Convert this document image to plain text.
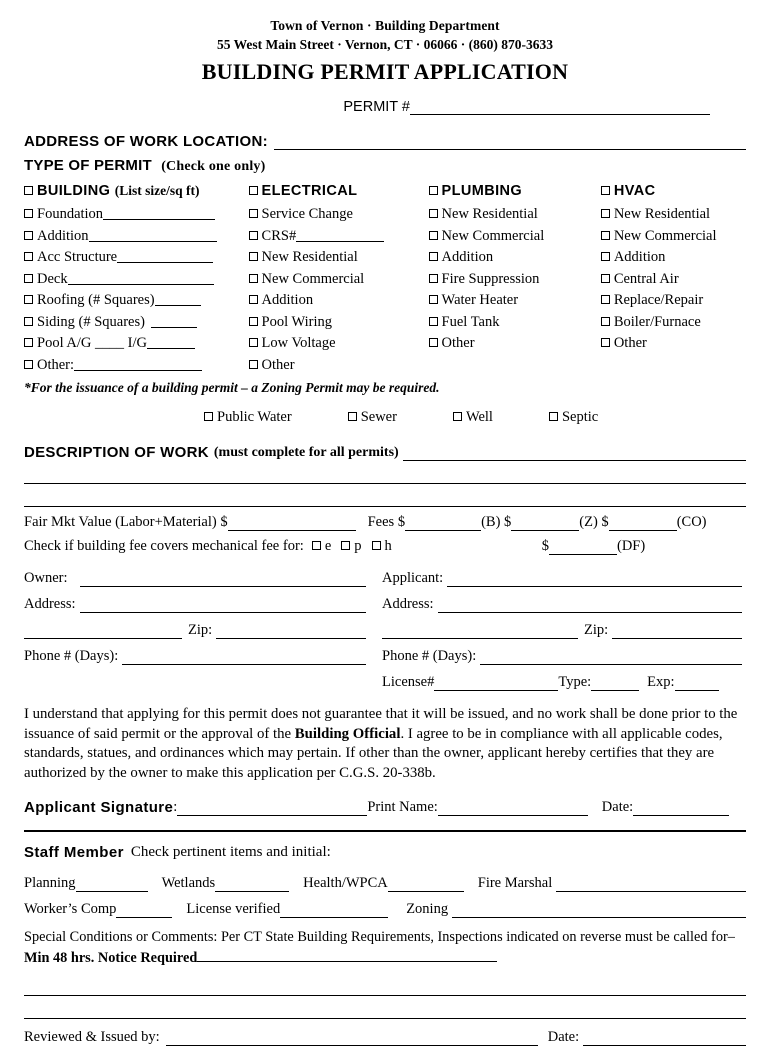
Town of Vernon · Building Department
55 West Main Street · Vernon, CT · 06066 · (860) 870-3633
BUILDING PERMIT APPLICATION
PERMIT #
ADDRESS OF WORK LOCATION:
TYPE OF PERMIT (Check one only)
BUILDING (List size/sq ft)
Foundation
Addition
Acc Structure
Deck
Roofing (# Squares)
Siding (# Squares)
Pool A/G ____ I/G
Other:
ELECTRICAL
Service Change
CRS#
New Residential
New Commercial
Addition
Pool Wiring
Low Voltage
Other
PLUMBING
New Residential
New Commercial
Addition
Fire Suppression
Water Heater
Fuel Tank
Other
HVAC
New Residential
New Commercial
Addition
Central Air
Replace/Repair
Boiler/Furnace
Other
*For the issuance of a building permit – a Zoning Permit may be required.
Public Water	Sewer	Well	Septic
DESCRIPTION OF WORK (must complete for all permits)
Fair Mkt Value (Labor+Material) $	Fees $	(B) $	(Z) $	(CO)
Check if building fee covers mechanical fee for:	e	p	h	$	(DF)
Owner:
Address:
Zip:
Phone # (Days):
Applicant:
Address:
Zip:
Phone # (Days):
License#	Type:	Exp:
I understand that applying for this permit does not guarantee that it will be issued, and no work shall be done prior to the issuance of said permit or the approval of the Building Official. I agree to be in compliance with all applicable codes, standards, statues, and ordinances which may pertain. If other than the owner, applicant hereby certifies that they are authorized by the owner to make this application per C.G.S. 20-338b.
Applicant Signature :	Print Name:	Date:
Staff Member Check pertinent items and initial:
Planning	Wetlands	Health/WPCA	Fire Marshal
Worker’s Comp	License verified	Zoning
Special Conditions or Comments: Per CT State Building Requirements, Inspections indicated on reverse must be called for–Min 48 hrs. Notice Required
Reviewed & Issued by:	Date:
